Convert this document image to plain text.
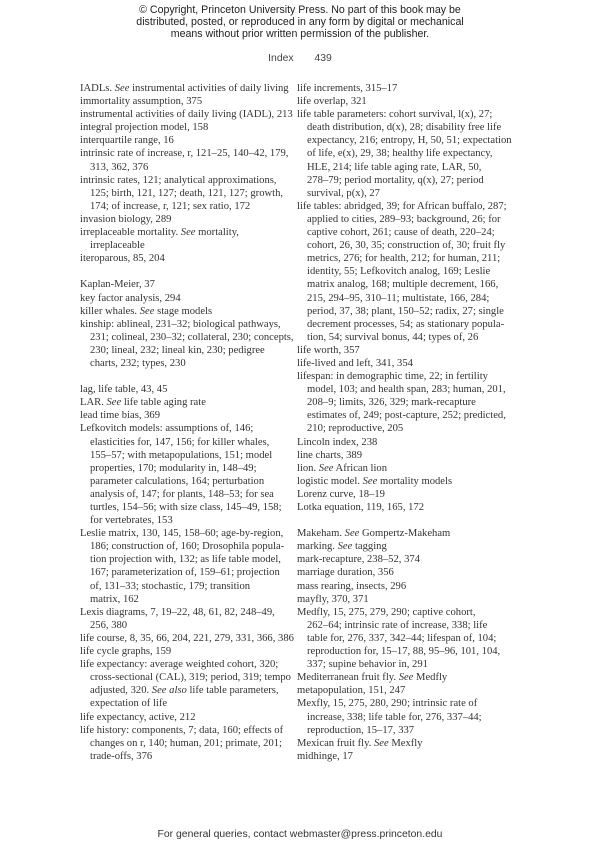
© Copyright, Princeton University Press. No part of this book may be
distributed, posted, or reproduced in any form by digital or mechanical
means without prior written permission of the publisher.
Index 439
IADLs. See instrumental activities of daily living
immortality assumption, 375
instrumental activities of daily living (IADL), 213
integral projection model, 158
interquartile range, 16
intrinsic rate of increase, r, 121–25, 140–42, 179,
313, 362, 376
intrinsic rates, 121; analytical approximations,
125; birth, 121, 127; death, 121, 127; growth,
174; of increase, r, 121; sex ratio, 172
invasion biology, 289
irreplaceable mortality. See mortality,
irreplaceable
iteroparous, 85, 204
Kaplan-Meier, 37
key factor analysis, 294
killer whales. See stage models
kinship: ablineal, 231–32; biological pathways,
231; colineal, 230–32; collateral, 230; concepts,
230; lineal, 232; lineal kin, 230; pedigree
charts, 232; types, 230
lag, life table, 43, 45
LAR. See life table aging rate
lead time bias, 369
Lefkovitch models: assumptions of, 146;
elasticities for, 147, 156; for killer whales,
155–57; with metapopulations, 151; model
properties, 170; modularity in, 148–49;
parameter calculations, 164; perturbation
analysis of, 147; for plants, 148–53; for sea
turtles, 154–56; with size class, 145–49, 158;
for vertebrates, 153
Leslie matrix, 130, 145, 158–60; age-by-region,
186; construction of, 160; Drosophila popula-
tion projection with, 132; as life table model,
167; parameterization of, 159–61; projection
of, 131–33; stochastic, 179; transition
matrix, 162
Lexis diagrams, 7, 19–22, 48, 61, 82, 248–49,
256, 380
life course, 8, 35, 66, 204, 221, 279, 331, 366, 386
life cycle graphs, 159
life expectancy: average weighted cohort, 320;
cross-sectional (CAL), 319; period, 319; tempo
adjusted, 320. See also life table parameters,
expectation of life
life expectancy, active, 212
life history: components, 7; data, 160; effects of
changes on r, 140; human, 201; primate, 201;
trade-offs, 376
life increments, 315–17
life overlap, 321
life table parameters: cohort survival, l(x), 27;
death distribution, d(x), 28; disability free life
expectancy, 216; entropy, H, 50, 51; expectation
of life, e(x), 29, 38; healthy life expectancy,
HLE, 214; life table aging rate, LAR, 50,
278–79; period mortality, q(x), 27; period
survival, p(x), 27
life tables: abridged, 39; for African buffalo, 287;
applied to cities, 289–93; background, 26; for
captive cohort, 261; cause of death, 220–24;
cohort, 26, 30, 35; construction of, 30; fruit fly
metrics, 276; for health, 212; for human, 211;
identity, 55; Lefkovitch analog, 169; Leslie
matrix analog, 168; multiple decrement, 166,
215, 294–95, 310–11; multistate, 166, 284;
period, 37, 38; plant, 150–52; radix, 27; single
decrement processes, 54; as stationary popula-
tion, 54; survival bonus, 44; types of, 26
life worth, 357
life-lived and left, 341, 354
lifespan: in demographic time, 22; in fertility
model, 103; and health span, 283; human, 201,
208–9; limits, 326, 329; mark-recapture
estimates of, 249; post-capture, 252; predicted,
210; reproductive, 205
Lincoln index, 238
line charts, 389
lion. See African lion
logistic model. See mortality models
Lorenz curve, 18–19
Lotka equation, 119, 165, 172
Makeham. See Gompertz-Makeham
marking. See tagging
mark-recapture, 238–52, 374
marriage duration, 356
mass rearing, insects, 296
mayfly, 370, 371
Medfly, 15, 275, 279, 290; captive cohort,
262–64; intrinsic rate of increase, 338; life
table for, 276, 337, 342–44; lifespan of, 104;
reproduction for, 15–17, 88, 95–96, 101, 104,
337; supine behavior in, 291
Mediterranean fruit fly. See Medfly
metapopulation, 151, 247
Mexfly, 15, 275, 280, 290; intrinsic rate of
increase, 338; life table for, 276, 337–44;
reproduction, 15–17, 337
Mexican fruit fly. See Mexfly
midhinge, 17
For general queries, contact webmaster@press.princeton.edu
